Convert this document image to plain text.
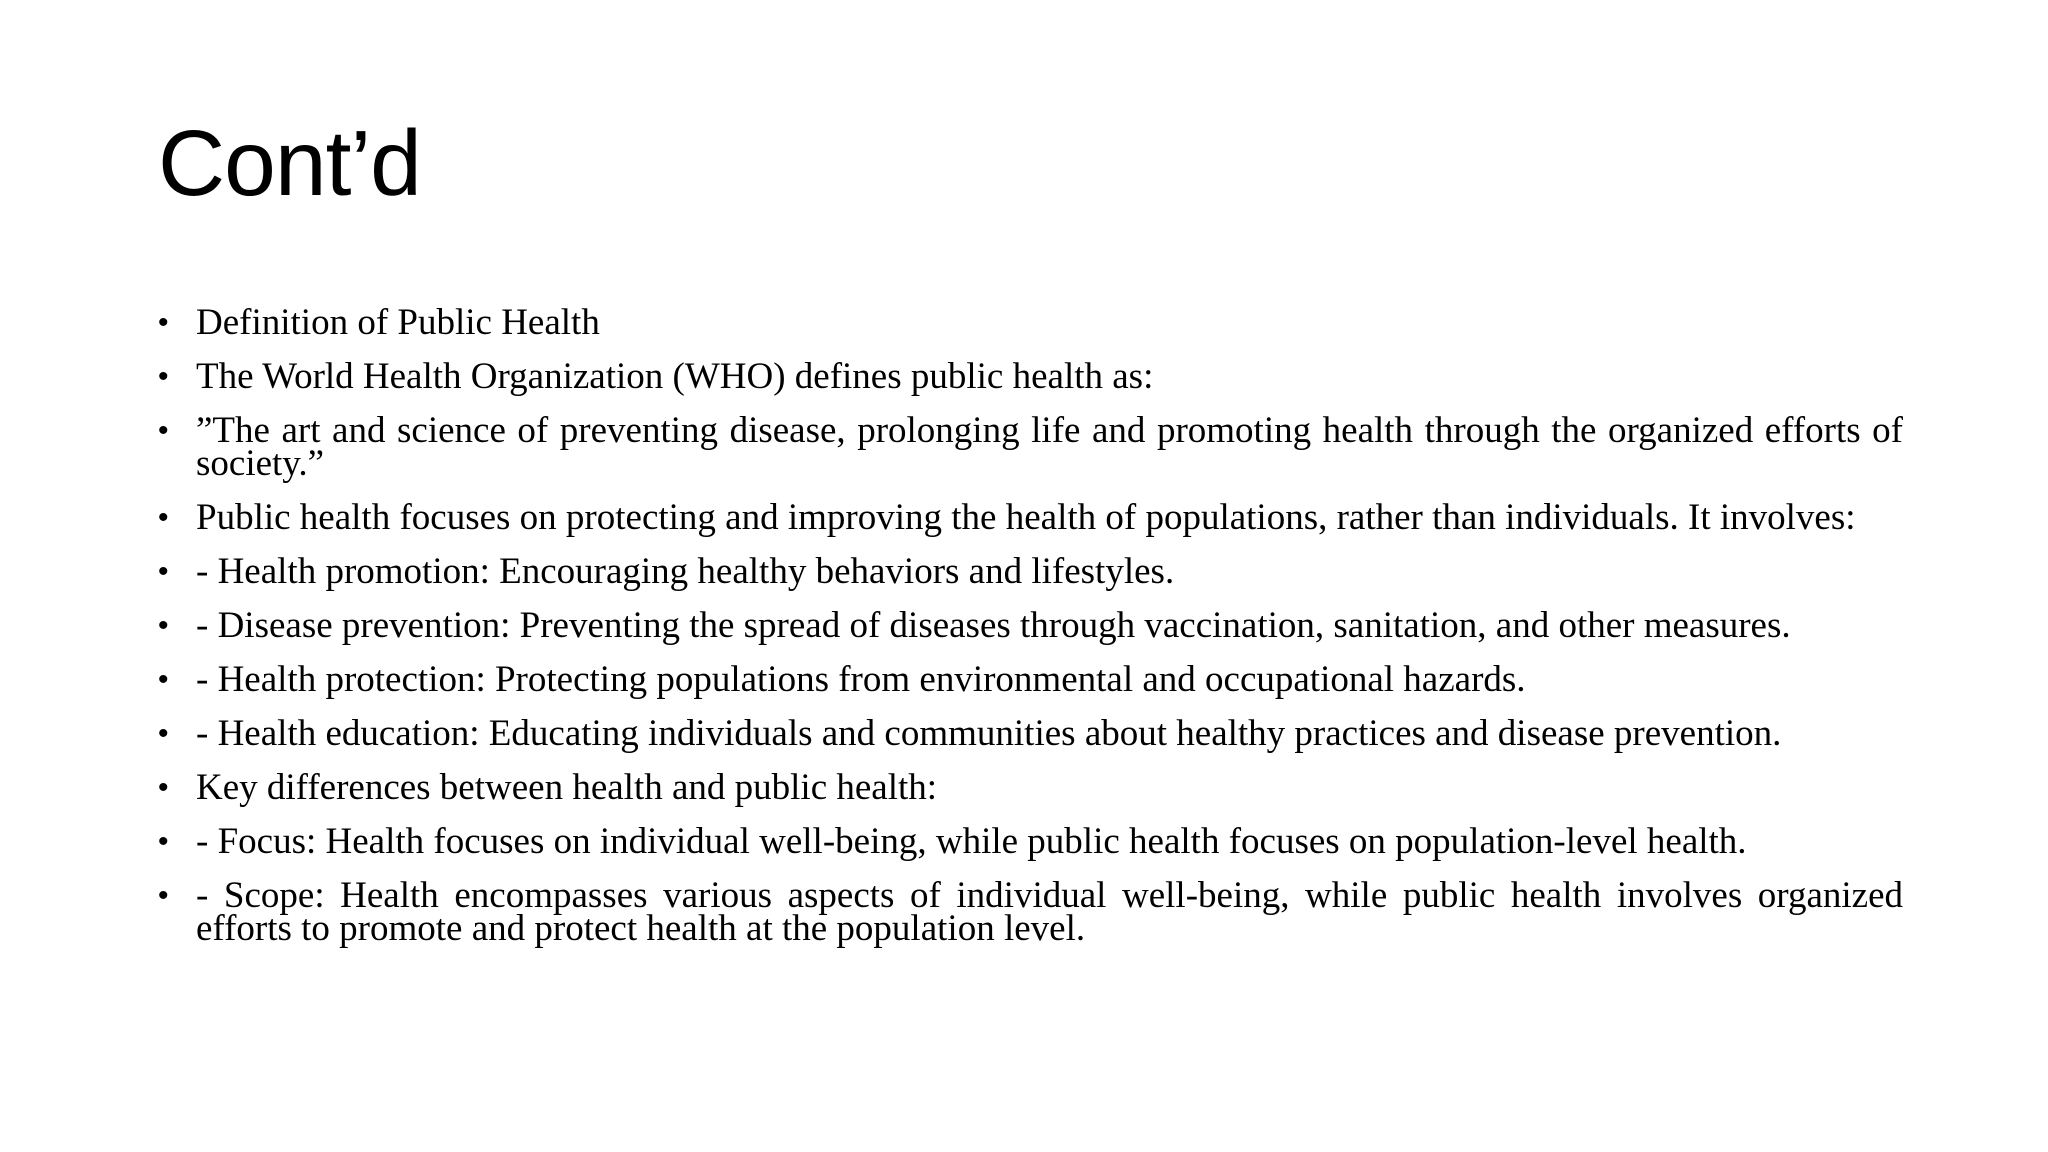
Cont’d
• Definition of Public Health
• The World Health Organization (WHO) defines public health as:
• ”The art and science of preventing disease, prolonging life and promoting health through the organized efforts of society.”
• Public health focuses on protecting and improving the health of populations, rather than individuals. It involves:
• - Health promotion: Encouraging healthy behaviors and lifestyles.
• - Disease prevention: Preventing the spread of diseases through vaccination, sanitation, and other measures.
• - Health protection: Protecting populations from environmental and occupational hazards.
• - Health education: Educating individuals and communities about healthy practices and disease prevention.
• Key differences between health and public health:
• - Focus: Health focuses on individual well-being, while public health focuses on population-level health.
• - Scope: Health encompasses various aspects of individual well-being, while public health involves organized efforts to promote and protect health at the population level.
